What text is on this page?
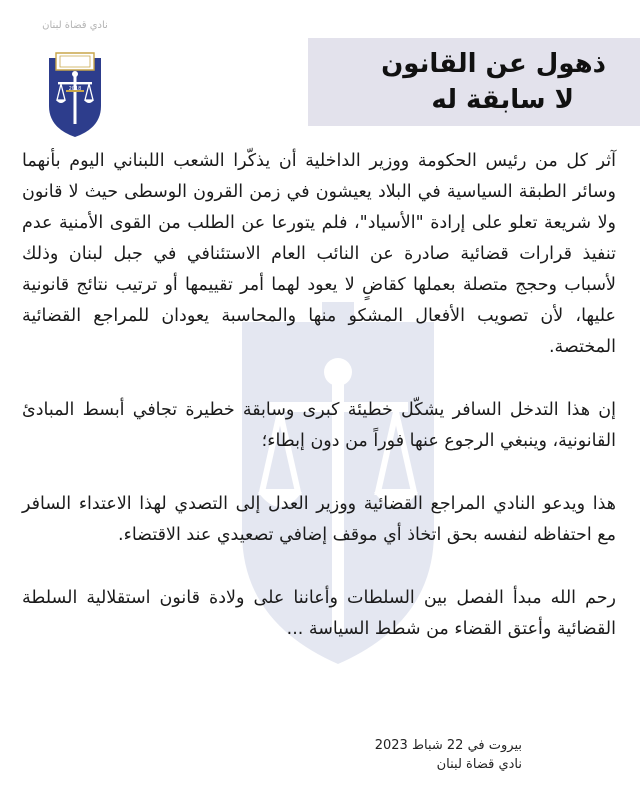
نادي قضاة لبنان
2018
ذهول عن القانون
لا سابقة له

آثر كل من رئيس الحكومة ووزير الداخلية أن يذكّرا الشعب اللبناني اليوم بأنهما وسائر الطبقة السياسية في البلاد يعيشون في زمن القرون الوسطى حيث لا قانون ولا شريعة تعلو على إرادة "الأسياد"، فلم يتورعا عن الطلب من القوى الأمنية عدم تنفيذ قرارات قضائية صادرة عن النائب العام الاستئنافي في جبل لبنان وذلك لأسباب وحجج متصلة بعملها كقاضٍ لا يعود لهما أمر تقييمها أو ترتيب نتائج قانونية عليها، لأن تصويب الأفعال المشكو منها والمحاسبة يعودان للمراجع القضائية المختصة.

إن هذا التدخل السافر يشكّل خطيئة كبرى وسابقة خطيرة تجافي أبسط المبادئ القانونية، وينبغي الرجوع عنها فوراً من دون إبطاء؛

هذا ويدعو النادي المراجع القضائية ووزير العدل إلى التصدي لهذا الاعتداء السافر مع احتفاظه لنفسه بحق اتخاذ أي موقف إضافي تصعيدي عند الاقتضاء.

رحم الله مبدأ الفصل بين السلطات وأعاننا على ولادة قانون استقلالية السلطة القضائية وأعتق القضاء من شطط السياسة ...

بيروت في 22 شباط 2023
نادي قضاة لبنان
